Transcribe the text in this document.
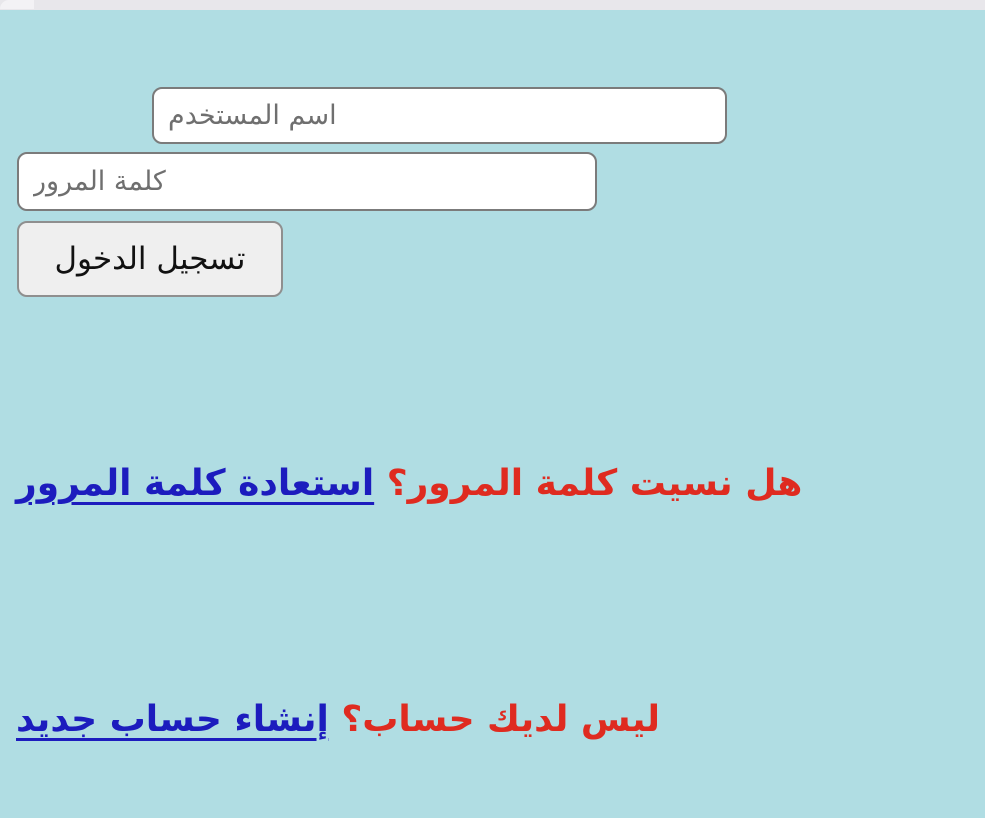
اسم المستخدم
تسجيل الدخول
هل نسيت كلمة المرور؟ استعادة كلمة المرور
ليس لديك حساب؟ إنشاء حساب جديد
